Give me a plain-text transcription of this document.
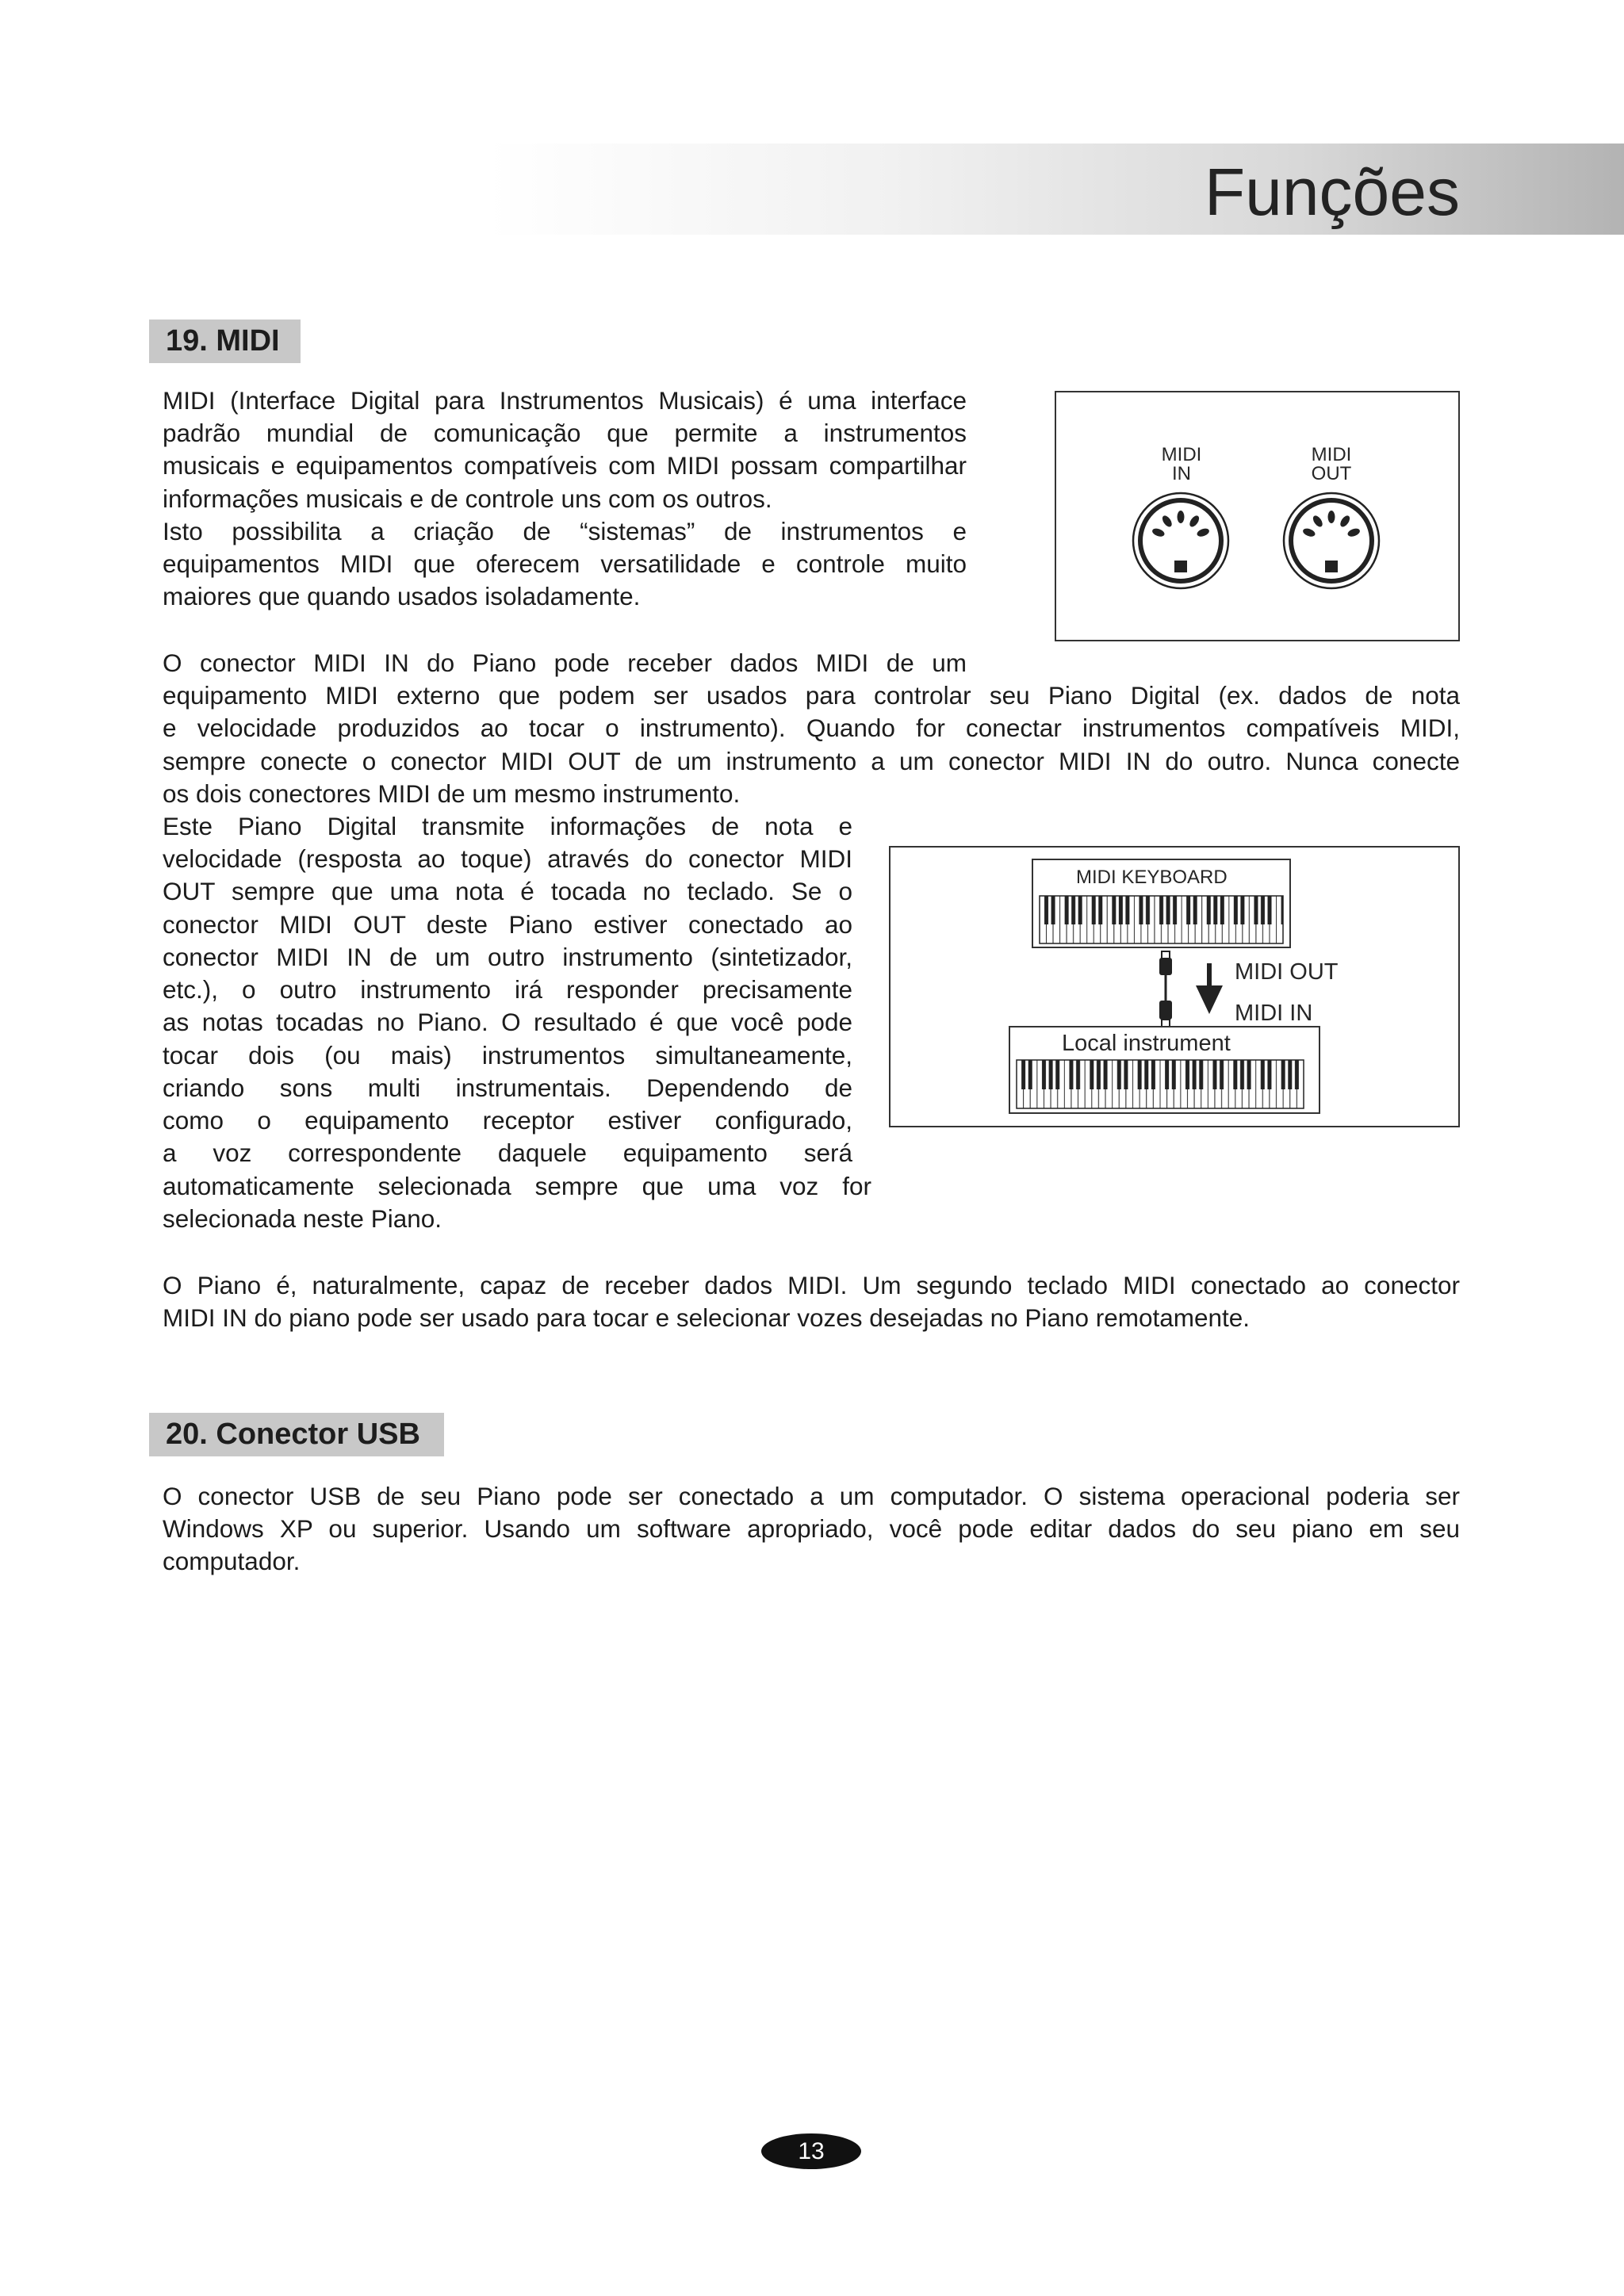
Funções
19. MIDI
MIDI (Interface Digital para Instrumentos Musicais) é uma interface
padrão mundial de comunicação que permite a instrumentos
musicais e equipamentos compatíveis com MIDI possam compartilhar
informações musicais e de controle uns com os outros.
Isto possibilita a criação de “sistemas” de instrumentos e
equipamentos MIDI que oferecem versatilidade e controle muito
maiores que quando usados isoladamente.
MIDI
IN
MIDI
OUT
O conector MIDI IN do Piano pode receber dados MIDI de um
equipamento MIDI externo que podem ser usados para controlar seu Piano Digital (ex. dados de nota
e velocidade produzidos ao tocar o instrumento). Quando for conectar instrumentos compatíveis MIDI,
sempre conecte o conector MIDI OUT de um instrumento a um conector MIDI IN do outro. Nunca conecte
os dois conectores MIDI de um mesmo instrumento.
Este Piano Digital transmite informações de nota e
velocidade (resposta ao toque) através do conector MIDI
OUT sempre que uma nota é tocada no teclado. Se o
conector MIDI OUT deste Piano estiver conectado ao
conector MIDI IN de um outro instrumento (sintetizador,
etc.), o outro instrumento irá responder precisamente
as notas tocadas no Piano. O resultado é que você pode
tocar dois (ou mais) instrumentos simultaneamente,
criando sons multi instrumentais. Dependendo de
como o equipamento receptor estiver configurado,
a voz correspondente daquele equipamento será
automaticamente selecionada sempre que uma voz for
selecionada neste Piano.
MIDI KEYBOARD
MIDI OUT
MIDI IN
Local instrument
O Piano é, naturalmente, capaz de receber dados MIDI. Um segundo teclado MIDI conectado ao conector
MIDI IN do piano pode ser usado para tocar e selecionar vozes desejadas no Piano remotamente.
20. Conector USB
O conector USB de seu Piano pode ser conectado a um computador. O sistema operacional poderia ser
Windows XP ou superior. Usando um software apropriado, você pode editar dados do seu piano em seu
computador.
13
